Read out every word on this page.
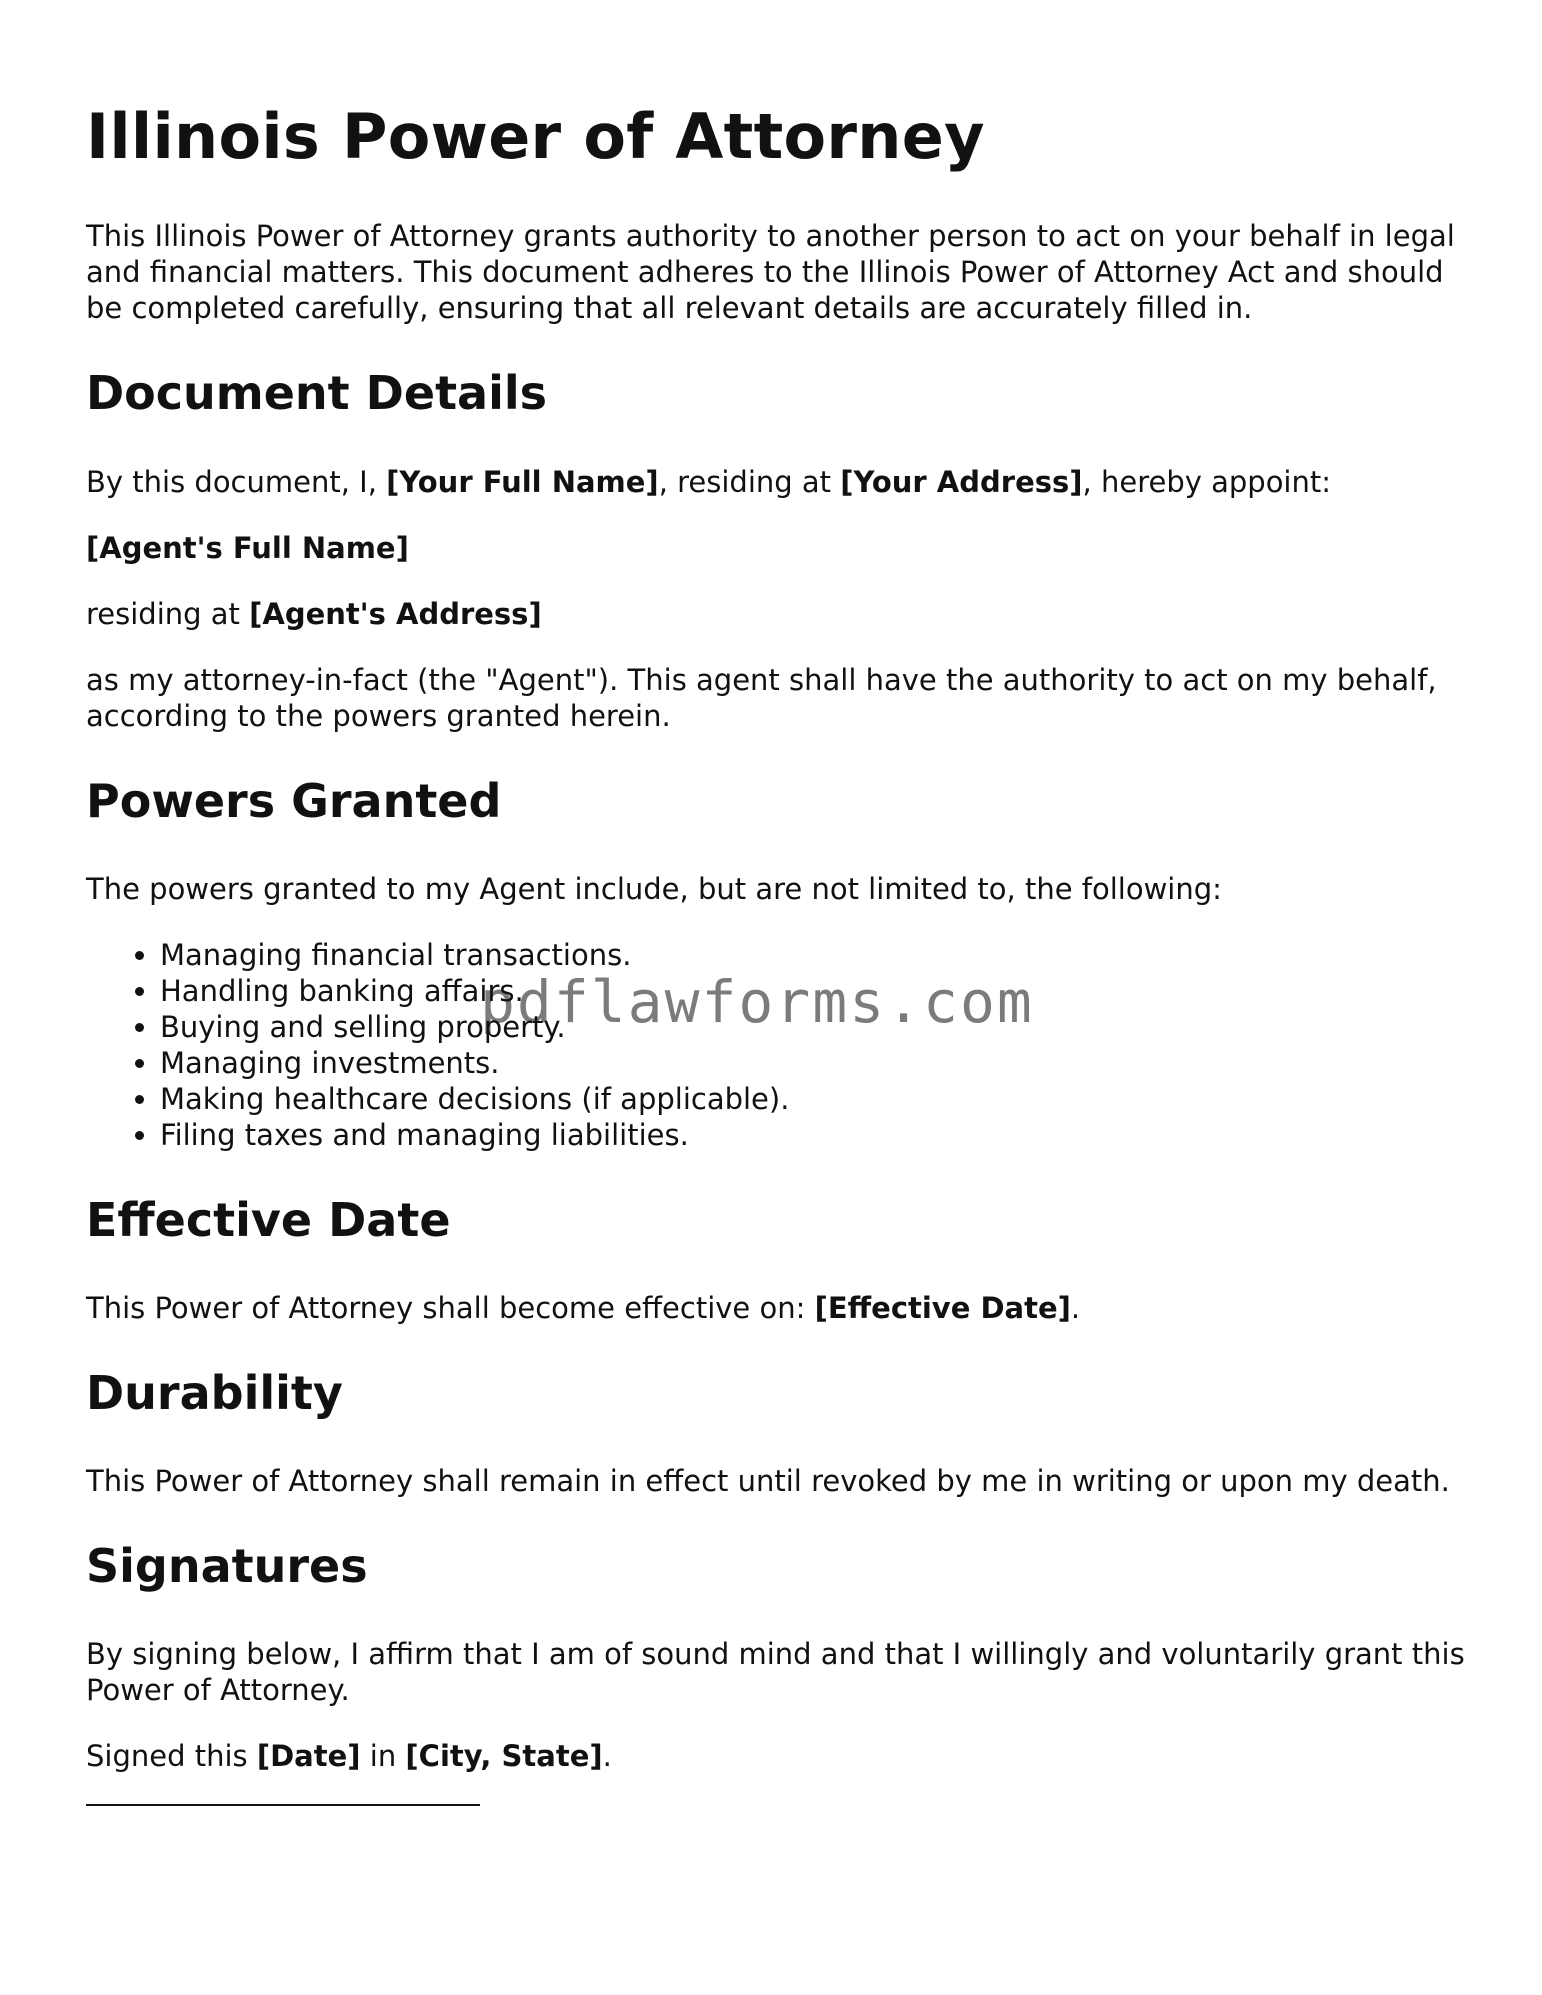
Illinois Power of Attorney

This Illinois Power of Attorney grants authority to another person to act on your behalf in legal and financial matters. This document adheres to the Illinois Power of Attorney Act and should be completed carefully, ensuring that all relevant details are accurately filled in.

Document Details

By this document, I, [Your Full Name], residing at [Your Address], hereby appoint:

[Agent's Full Name]

residing at [Agent's Address]

as my attorney-in-fact (the "Agent"). This agent shall have the authority to act on my behalf, according to the powers granted herein.

Powers Granted

The powers granted to my Agent include, but are not limited to, the following:

• Managing financial transactions.
• Handling banking affairs.
• Buying and selling property.
• Managing investments.
• Making healthcare decisions (if applicable).
• Filing taxes and managing liabilities.
Effective Date

This Power of Attorney shall become effective on: [Effective Date].

Durability

This Power of Attorney shall remain in effect until revoked by me in writing or upon my death.

Signatures

By signing below, I affirm that I am of sound mind and that I willingly and voluntarily grant this Power of Attorney.

Signed this [Date] in [City, State].

pdflawforms.com
